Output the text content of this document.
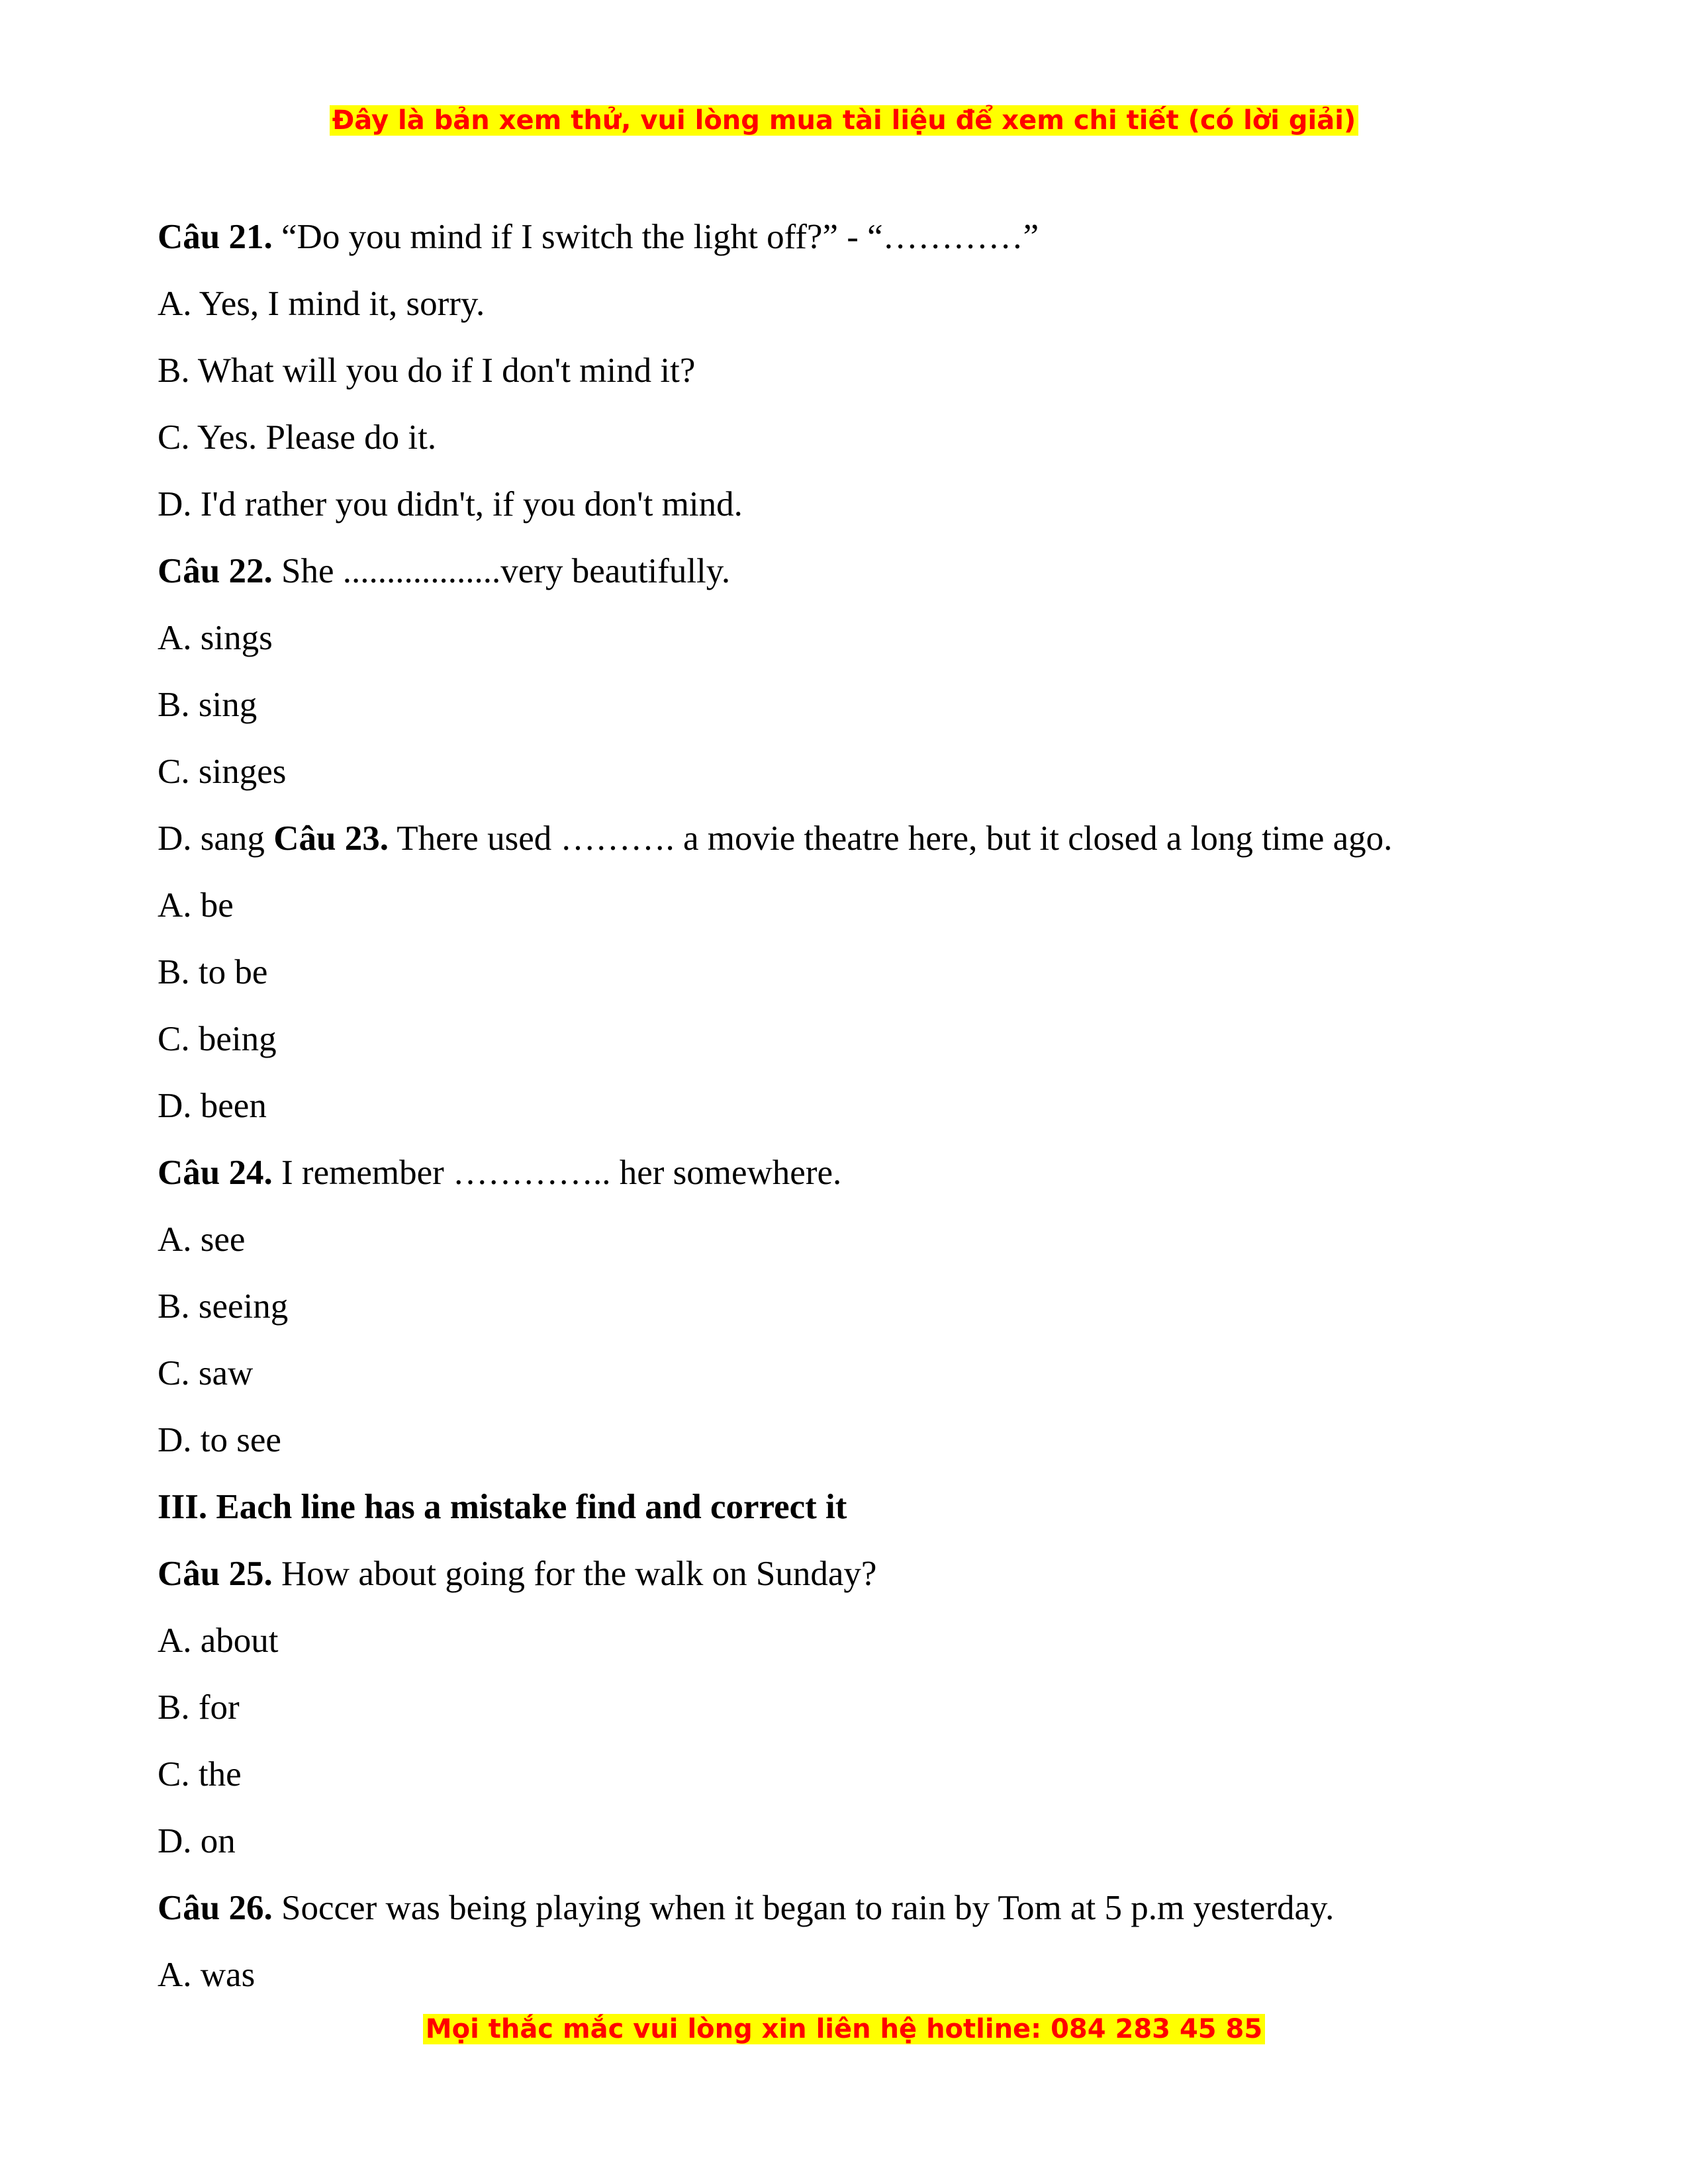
Đây là bản xem thử, vui lòng mua tài liệu để xem chi tiết (có lời giải)
Câu 21. “Do you mind if I switch the light off?” - “…………”
A. Yes, I mind it, sorry.
B. What will you do if I don't mind it?
C. Yes. Please do it.
D. I'd rather you didn't, if you don't mind.
Câu 22. She ..................very beautifully.
A. sings
B. sing
C. singes
D. sang Câu 23. There used ………. a movie theatre here, but it closed a long time ago.
A. be
B. to be
C. being
D. been
Câu 24. I remember ………….. her somewhere.
A. see
B. seeing
C. saw
D. to see
III. Each line has a mistake find and correct it
Câu 25. How about going for the walk on Sunday?
A. about
B. for
C. the
D. on
Câu 26. Soccer was being playing when it began to rain by Tom at 5 p.m yesterday.
A. was
Mọi thắc mắc vui lòng xin liên hệ hotline: 084 283 45 85
